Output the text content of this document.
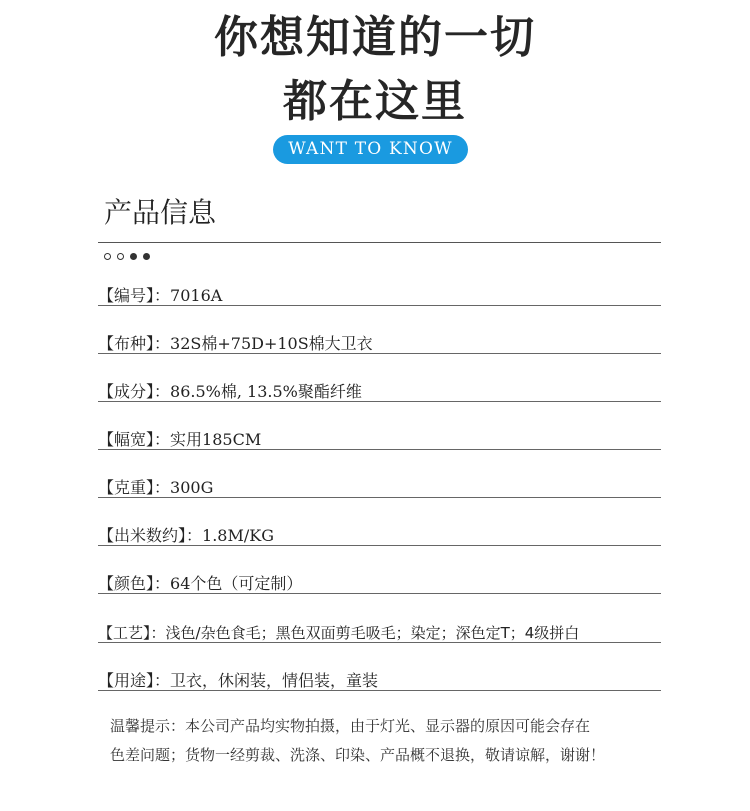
你想知道的一切
都在这里
WANT TO KNOW
产品信息
【编号】：7016A
【布种】：32S棉+75D+10S棉大卫衣
【成分】：86.5%棉, 13.5%聚酯纤维
【幅宽】：实用185CM
【克重】：300G
【出米数约】：1.8M/KG
【颜色】：64个色（可定制）
【工艺】：浅色/杂色食毛；黑色双面剪毛吸毛；染定；深色定T；4级拼白
【用途】：卫衣，休闲装，情侣装，童装
温馨提示：本公司产品均实物拍摄，由于灯光、显示器的原因可能会存在
色差问题；货物一经剪裁、洗涤、印染、产品概不退换，敬请谅解，谢谢！
